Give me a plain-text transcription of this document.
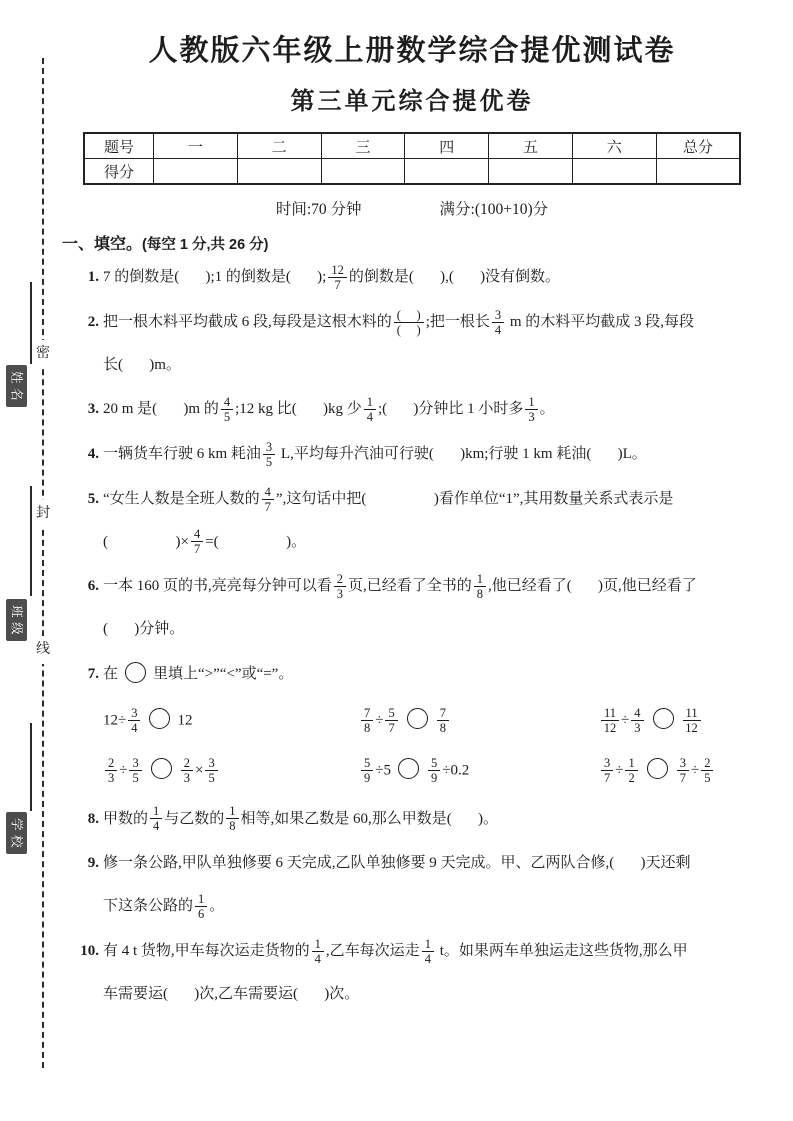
密
封
线
姓
名
班
级
学
校
人教版六年级上册数学综合提优测试卷
第三单元综合提优卷
题号	一	二	三	四	五	六	总分
得分							
时间:70 分钟	满分:(100+10)分
一、填空。(每空 1 分,共 26 分)
1. 7 的倒数是(       );1 的倒数是(       ); $\frac{12}{7}$ 的倒数是(       ),(       )没有倒数。
2. 把一根木料平均截成 6 段,每段是这根木料的 $\frac{( )}{( )}$ ;把一根长 $\frac{3}{4}$ m 的木料平均截成 3 段,每段
长(       )m。
3. 20 m 是(       )m 的 $\frac{4}{5}$ ;12 kg 比(       )kg 少 $\frac{1}{4}$ ;(       )分钟比 1 小时多 $\frac{1}{3}$ 。
4. 一辆货车行驶 6 km 耗油 $\frac{3}{5} L$,平均每升汽油可行驶(       )km;行驶 1 km 耗油(       )L。
5. “女生人数是全班人数的 $\frac{4}{7}$ ”,这句话中把(                  )看作单位“1”,其用数量关系式表示是
(                  )× $\frac{4}{7}$ =(                  )。
6. 一本 160 页的书,亮亮每分钟可以看 $\frac{2}{3}$ 页,已经看了全书的 $\frac{1}{8}$ ,他已经看了(       )页,他已经看了
(       )分钟。
7. 在 里填上“>”“<”或“=”。
$12\div \frac{3}{4} 12$	$\frac{7}{8} \div \frac{5}{7}$	$\frac{7}{8}$	$\frac{11}{12} \div \frac{4}{3}$	$\frac{11}{12}$
$\frac{2}{3} \div \frac{3}{5}$	$\frac{2}{3} \times \frac{3}{5}$	$\frac{5}{9} \div 5$	$\frac{5}{9} \div 0.2$	$\frac{3}{7} \div \frac{1}{2}$	$\frac{3}{7} \div \frac{2}{5}$
8. 甲数的 $\frac{1}{4}$ 与乙数的 $\frac{1}{8}$ 相等,如果乙数是 60,那么甲数是(       )。
9. 修一条公路,甲队单独修要 6 天完成,乙队单独修要 9 天完成。甲、乙两队合修,(       )天还剩
下这条公路的 $\frac{1}{6}$ 。
10. 有 4 t 货物,甲车每次运走货物的 $\frac{1}{4}$ ,乙车每次运走 $\frac{1}{4}$ t。如果两车单独运走这些货物,那么甲
车需要运(       )次,乙车需要运(       )次。
